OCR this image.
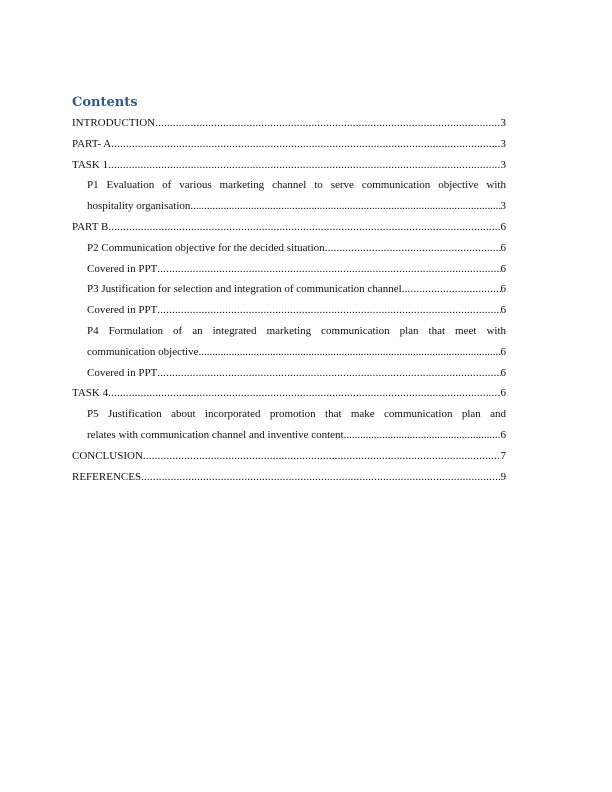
Contents
INTRODUCTION .....	3
PART- A .....	3
TASK 1 .....	3
P1 Evaluation of various marketing channel to serve communication objective with
hospitality organisation .....	3
PART B .....	6
P2 Communication objective for the decided situation .....	6
Covered in PPT .....	6
P3 Justification for selection and integration of communication channel .....	6
Covered in PPT .....	6
P4 Formulation of an integrated marketing communication plan that meet with
communication objective .....	6
Covered in PPT .....	6
TASK 4 .....	6
P5 Justification about incorporated promotion that make communication plan and
relates with communication channel and inventive content .....	6
CONCLUSION .....	7
REFERENCES .....	9
